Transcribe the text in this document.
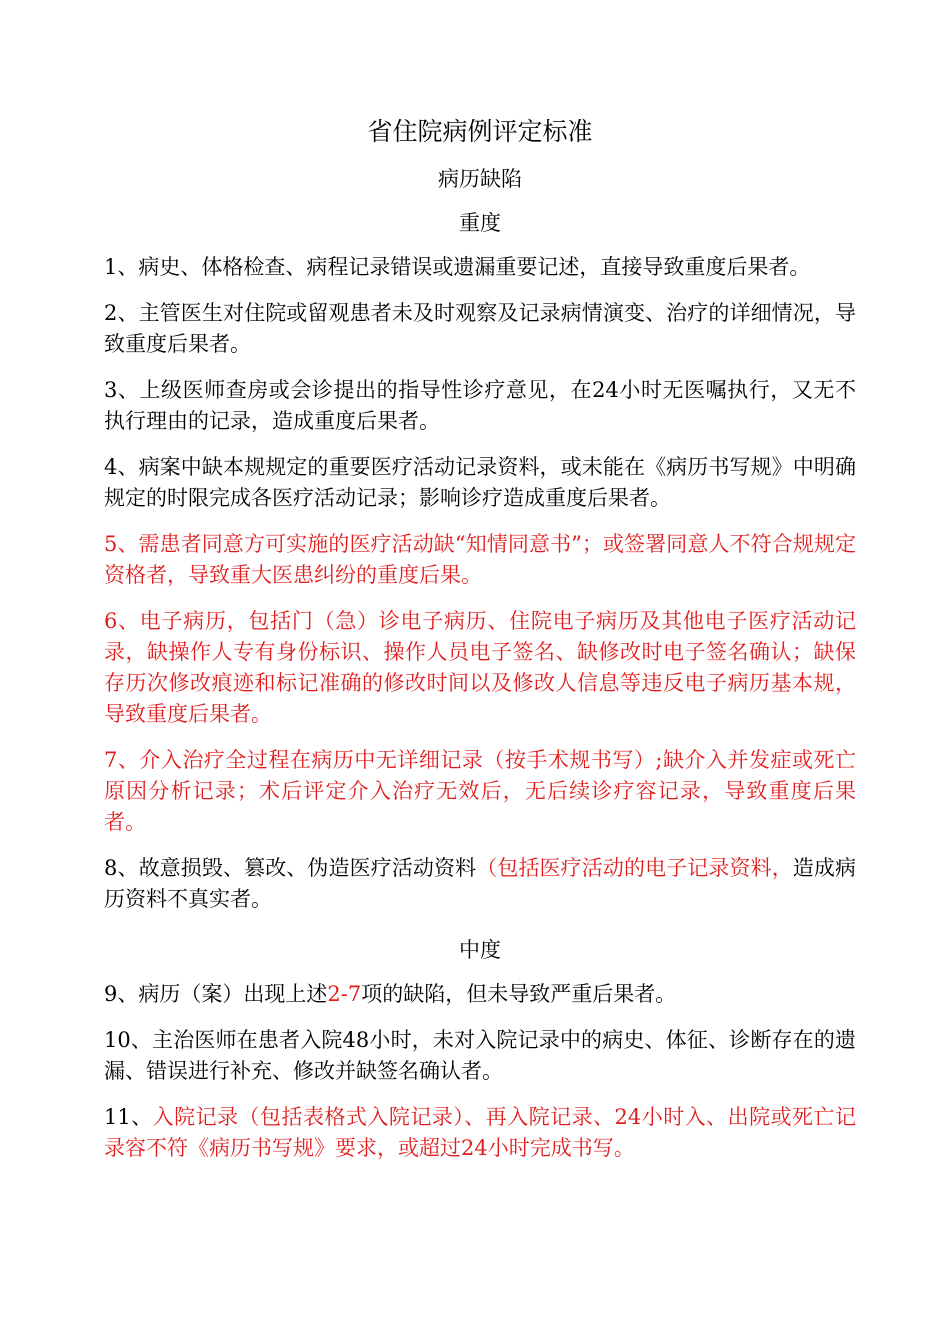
省住院病例评定标准
病历缺陷
重度

1、病史、体格检查、病程记录错误或遗漏重要记述，直接导致重度后果者。

2、主管医生对住院或留观患者未及时观察及记录病情演变、治疗的详细情况，导致重度后果者。

3、上级医师查房或会诊提出的指导性诊疗意见，在24小时无医嘱执行，又无不执行理由的记录，造成重度后果者。

4、病案中缺本规规定的重要医疗活动记录资料，或未能在《病历书写规》中明确规定的时限完成各医疗活动记录；影响诊疗造成重度后果者。

5、需患者同意方可实施的医疗活动缺“知情同意书”；或签署同意人不符合规规定资格者，导致重大医患纠纷的重度后果。

6、电子病历，包括门（急）诊电子病历、住院电子病历及其他电子医疗活动记录，缺操作人专有身份标识、操作人员电子签名、缺修改时电子签名确认；缺保存历次修改痕迹和标记准确的修改时间以及修改人信息等违反电子病历基本规，导致重度后果者。

7、介入治疗全过程在病历中无详细记录（按手术规书写）;缺介入并发症或死亡原因分析记录；术后评定介入治疗无效后，无后续诊疗容记录，导致重度后果者。

8、故意损毁、篡改、伪造医疗活动资料（包括医疗活动的电子记录资料，造成病历资料不真实者。

中度

9、病历（案）出现上述2-7项的缺陷，但未导致严重后果者。

10、主治医师在患者入院48小时，未对入院记录中的病史、体征、诊断存在的遗漏、错误进行补充、修改并缺签名确认者。

11、入院记录（包括表格式入院记录）、再入院记录、24小时入、出院或死亡记录容不符《病历书写规》要求，或超过24小时完成书写。
